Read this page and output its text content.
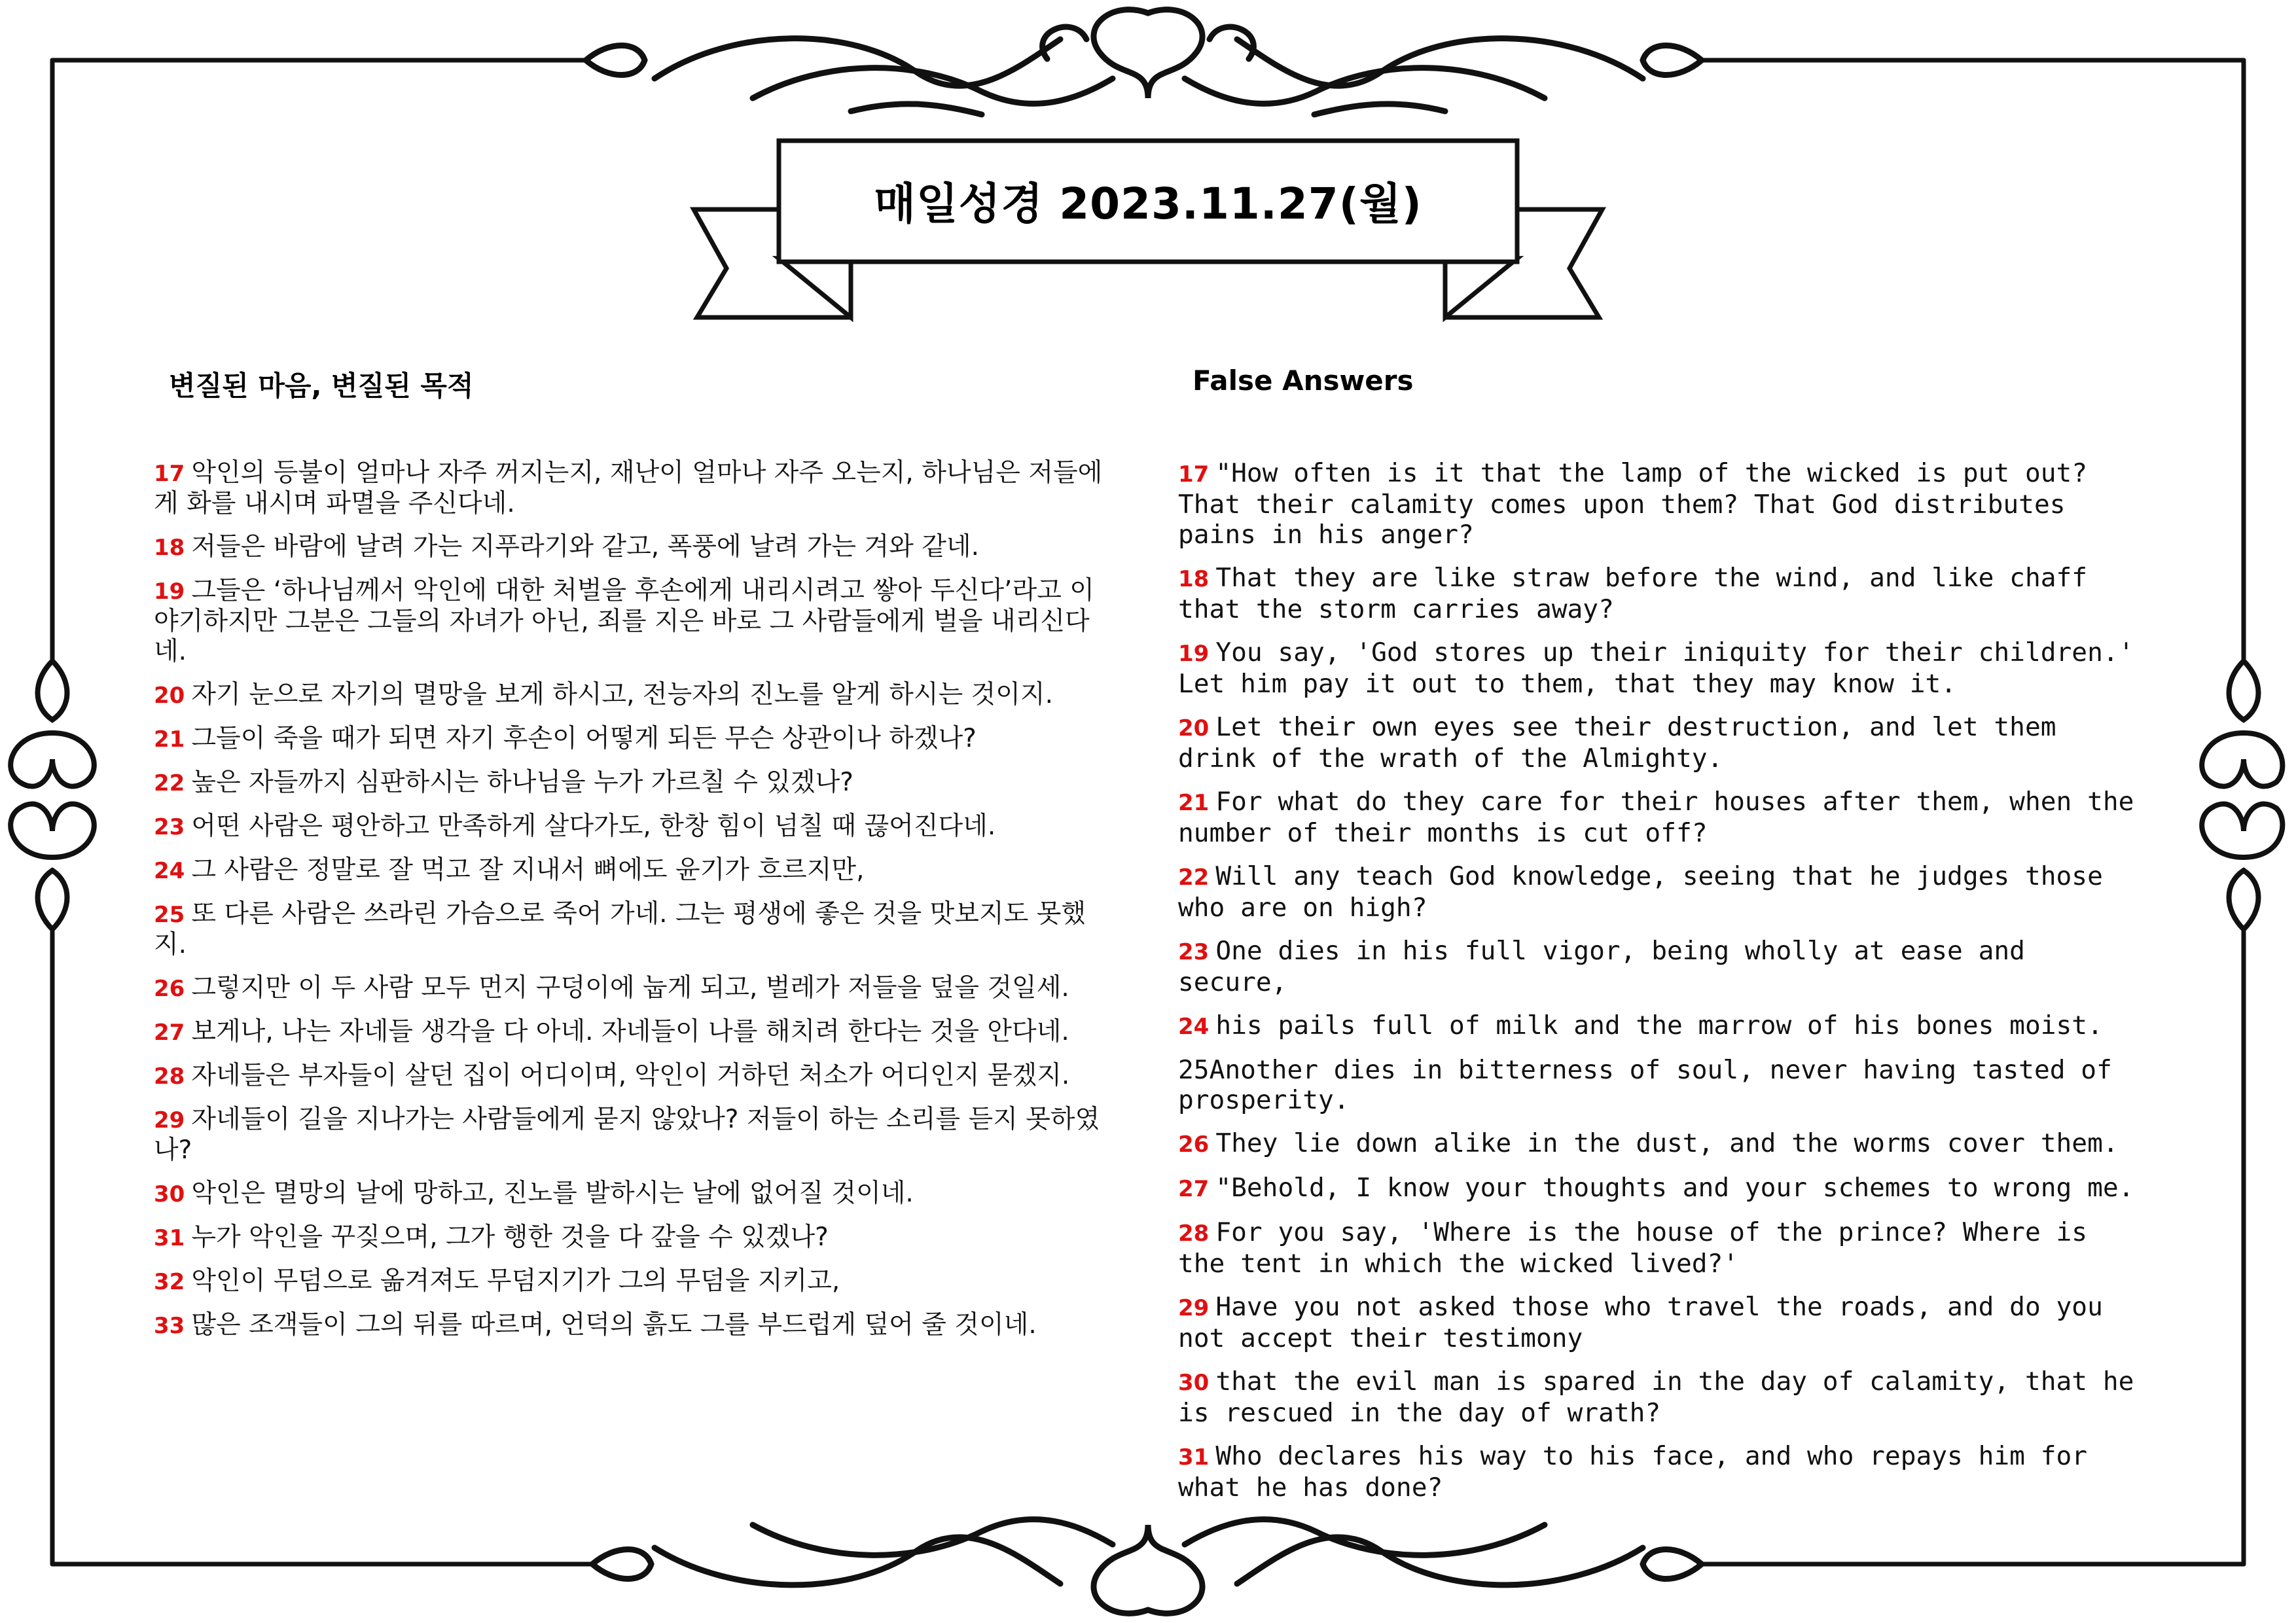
매일성경 2023.11.27(월)
변질된 마음, 변질된 목적	False Answers

17 악인의 등불이 얼마나 자주 꺼지는지, 재난이 얼마나 자주 오는지, 하나님은 저들에게 화를 내시며 파멸을 주신다네.

18 저들은 바람에 날려 가는 지푸라기와 같고, 폭풍에 날려 가는 겨와 같네.

19 그들은 ‘하나님께서 악인에 대한 처벌을 후손에게 내리시려고 쌓아 두신다’라고 이야기하지만 그분은 그들의 자녀가 아닌, 죄를 지은 바로 그 사람들에게 벌을 내리신다네.

20 자기 눈으로 자기의 멸망을 보게 하시고, 전능자의 진노를 알게 하시는 것이지.

21 그들이 죽을 때가 되면 자기 후손이 어떻게 되든 무슨 상관이나 하겠나?

22 높은 자들까지 심판하시는 하나님을 누가 가르칠 수 있겠나?

23 어떤 사람은 평안하고 만족하게 살다가도, 한창 힘이 넘칠 때 끊어진다네.

24 그 사람은 정말로 잘 먹고 잘 지내서 뼈에도 윤기가 흐르지만,

25 또 다른 사람은 쓰라린 가슴으로 죽어 가네. 그는 평생에 좋은 것을 맛보지도 못했지.

26 그렇지만 이 두 사람 모두 먼지 구덩이에 눕게 되고, 벌레가 저들을 덮을 것일세.

27 보게나, 나는 자네들 생각을 다 아네. 자네들이 나를 해치려 한다는 것을 안다네.

28 자네들은 부자들이 살던 집이 어디이며, 악인이 거하던 처소가 어디인지 묻겠지.

29 자네들이 길을 지나가는 사람들에게 묻지 않았나? 저들이 하는 소리를 듣지 못하였나?

30 악인은 멸망의 날에 망하고, 진노를 발하시는 날에 없어질 것이네.

31 누가 악인을 꾸짖으며, 그가 행한 것을 다 갚을 수 있겠나?

32 악인이 무덤으로 옮겨져도 무덤지기가 그의 무덤을 지키고,

33 많은 조객들이 그의 뒤를 따르며, 언덕의 흙도 그를 부드럽게 덮어 줄 것이네.

17 "How often is it that the lamp of the wicked is put out? That their calamity comes upon them? That God distributes pains in his anger?

18 That they are like straw before the wind, and like chaff that the storm carries away?

19 You say, 'God stores up their iniquity for their children.' Let him pay it out to them, that they may know it.

20 Let their own eyes see their destruction, and let them drink of the wrath of the Almighty.

21 For what do they care for their houses after them, when the number of their months is cut off?

22 Will any teach God knowledge, seeing that he judges those who are on high?

23 One dies in his full vigor, being wholly at ease and secure,

24 his pails full of milk and the marrow of his bones moist.

25Another dies in bitterness of soul, never having tasted of prosperity.

26 They lie down alike in the dust, and the worms cover them.

27 "Behold, I know your thoughts and your schemes to wrong me.

28 For you say, 'Where is the house of the prince? Where is the tent in which the wicked lived?'

29 Have you not asked those who travel the roads, and do you not accept their testimony

30 that the evil man is spared in the day of calamity, that he is rescued in the day of wrath?

31 Who declares his way to his face, and who repays him for what he has done?
